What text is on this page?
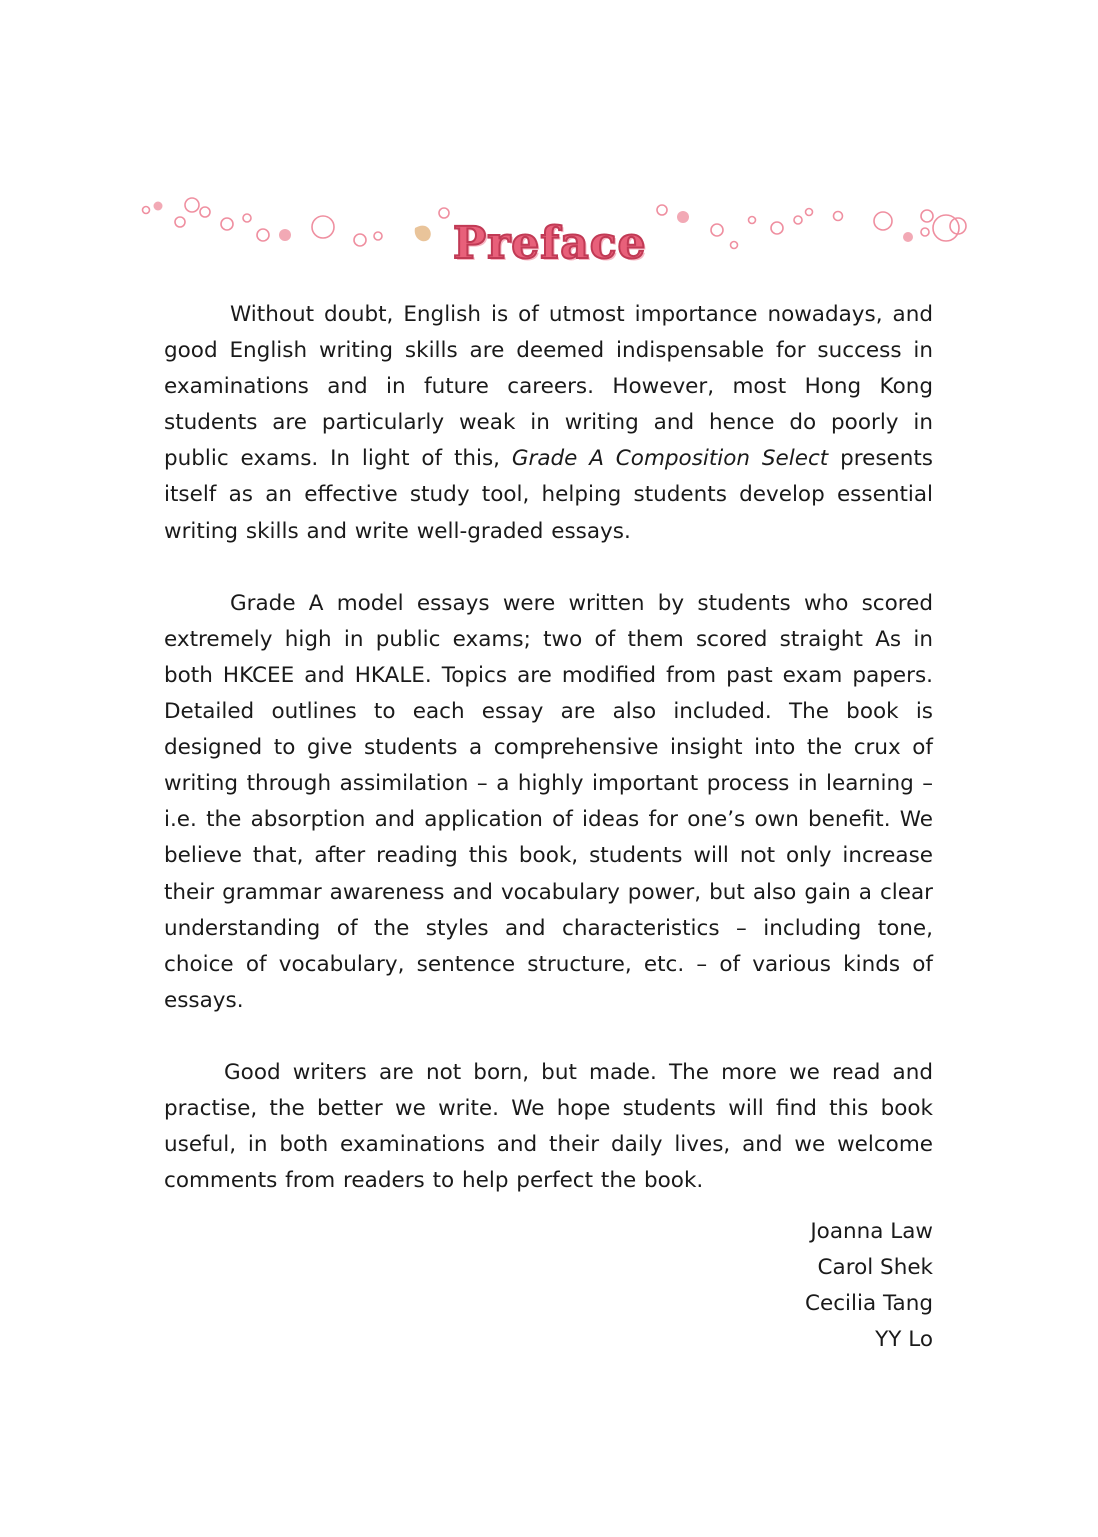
Preface

Without doubt, English is of utmost importance nowadays, and good English writing skills are deemed indispensable for success in examinations and in future careers. However, most Hong Kong students are particularly weak in writing and hence do poorly in public exams. In light of this, Grade A Composition Select presents itself as an effective study tool, helping students develop essential writing skills and write well-graded essays.

Grade A model essays were written by students who scored extremely high in public exams; two of them scored straight As in both HKCEE and HKALE. Topics are modified from past exam papers. Detailed outlines to each essay are also included. The book is designed to give students a comprehensive insight into the crux of writing through assimilation – a highly important process in learning – i.e. the absorption and application of ideas for one’s own benefit. We believe that, after reading this book, students will not only increase their grammar awareness and vocabulary power, but also gain a clear understanding of the styles and characteristics – including tone, choice of vocabulary, sentence structure, etc. – of various kinds of essays.

Good writers are not born, but made. The more we read and practise, the better we write. We hope students will find this book useful, in both examinations and their daily lives, and we welcome comments from readers to help perfect the book.

Joanna Law
Carol Shek
Cecilia Tang
YY Lo
